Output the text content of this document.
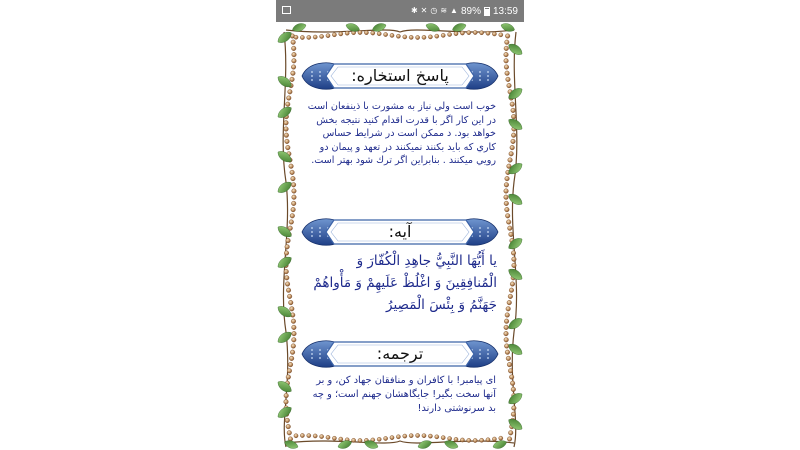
✱ ✕ ◷ ≋ ▲ 89% 13:59
پاسخ استخاره:
خوب است ولي نياز به مشورت با ذينفعان است در اين كار اگر با قدرت اقدام كنيد نتيجه بخش خواهد بود. د ممكن است در شرايط حساس كاري كه بايد بكنند نميكنند در تعهد و پيمان دو رويي ميكنند . بنابراين اگر ترك شود بهتر است.
آيه:
يا أَيُّهَا النَّبِيُّ جاهِدِ الْكُفّارَ وَ الْمُنافِقِينَ وَ اغْلُظْ عَلَيهِمْ وَ مَأْواهُمْ جَهَنَّمُ وَ بِئْسَ الْمَصِيرُ
ترجمه:
اى پيامبر! با كافران و منافقان جهاد كن، و بر آنها سخت بگير! جايگاهشان جهنم است؛ و چه بد سرنوشتى دارند!
